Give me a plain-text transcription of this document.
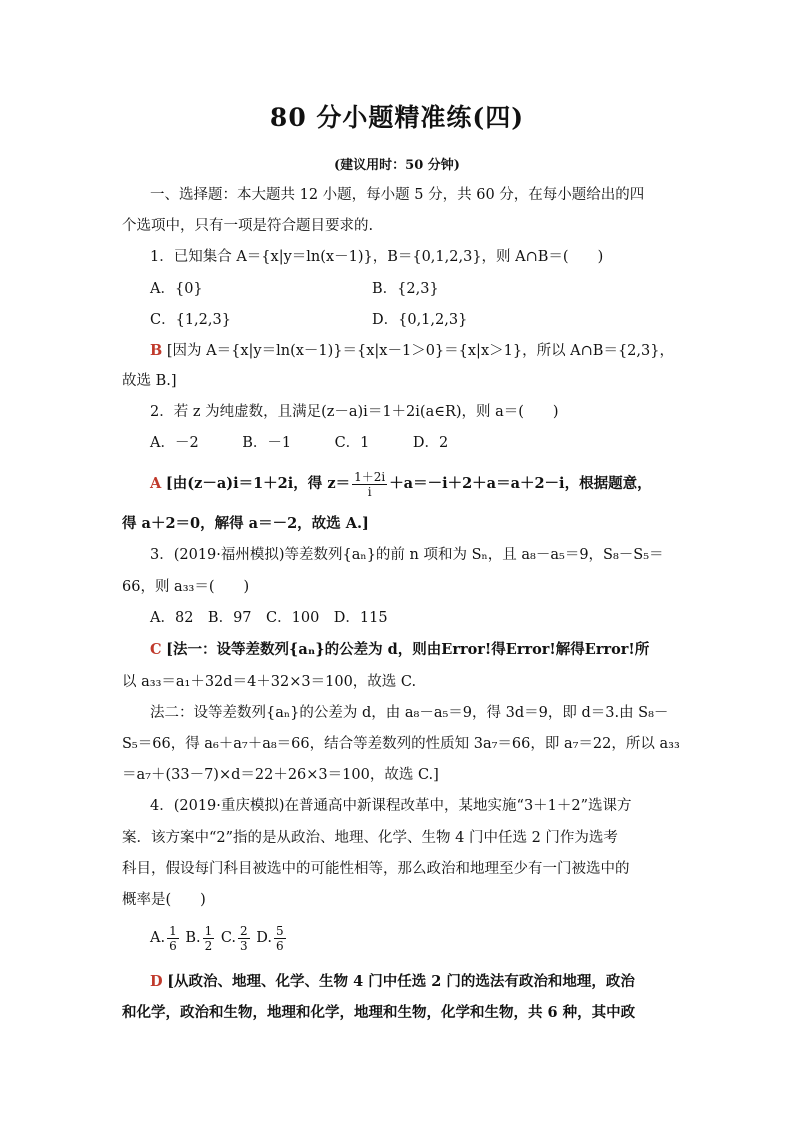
80 分小题精准练(四)
(建议用时：50 分钟)
一、选择题：本大题共 12 小题，每小题 5 分，共 60 分，在每小题给出的四
个选项中，只有一项是符合题目要求的.
1．已知集合 A＝{x|y＝ln(x－1)}，B＝{0,1,2,3}，则 A∩B＝(　　)
A．{0}	B．{2,3}
C．{1,2,3}	D．{0,1,2,3}
B [因为 A＝{x|y＝ln(x－1)}＝{x|x－1＞0}＝{x|x＞1}，所以 A∩B＝{2,3}，
故选 B.]
2．若 z 为纯虚数，且满足(z－a)i＝1＋2i(a∈R)，则 a＝(　　)
A．－2　　　B．－1　　　C．1　　　D．2
A [由(z－a)i＝1＋2i，得 $z= \frac{1+2i}{i} +a=-i+2+a=a+2-i$，根据题意，
得 a＋2＝0，解得 a＝－2，故选 A.]
3．(2019·福州模拟)等差数列{aₙ}的前 n 项和为 Sₙ，且 a₈－a₅＝9，S₈－S₅＝
66，则 a₃₃＝(　　)
A．82　B．97　C．100　D．115
C [法一：设等差数列{aₙ}的公差为 d，则由Error!得Error!解得Error!所
以 a₃₃＝a₁＋32d＝4＋32×3＝100，故选 C.
法二：设等差数列{aₙ}的公差为 d，由 a₈－a₅＝9，得 3d＝9，即 d＝3.由 S₈－
S₅＝66，得 a₆＋a₇＋a₈＝66，结合等差数列的性质知 3a₇＝66，即 a₇＝22，所以 a₃₃
＝a₇＋(33－7)×d＝22＋26×3＝100，故选 C.]
4．(2019·重庆模拟)在普通高中新课程改革中，某地实施“3＋1＋2”选课方
案．该方案中“2”指的是从政治、地理、化学、生物 4 门中任选 2 门作为选考
科目，假设每门科目被选中的可能性相等，那么政治和地理至少有一门被选中的
概率是(　　)
A. $\frac{1}{6} B$. $\frac{1}{2} C$. $\frac{2}{3} D$. $\frac{5}{6}$
D [从政治、地理、化学、生物 4 门中任选 2 门的选法有政治和地理，政治
和化学，政治和生物，地理和化学，地理和生物，化学和生物，共 6 种，其中政
